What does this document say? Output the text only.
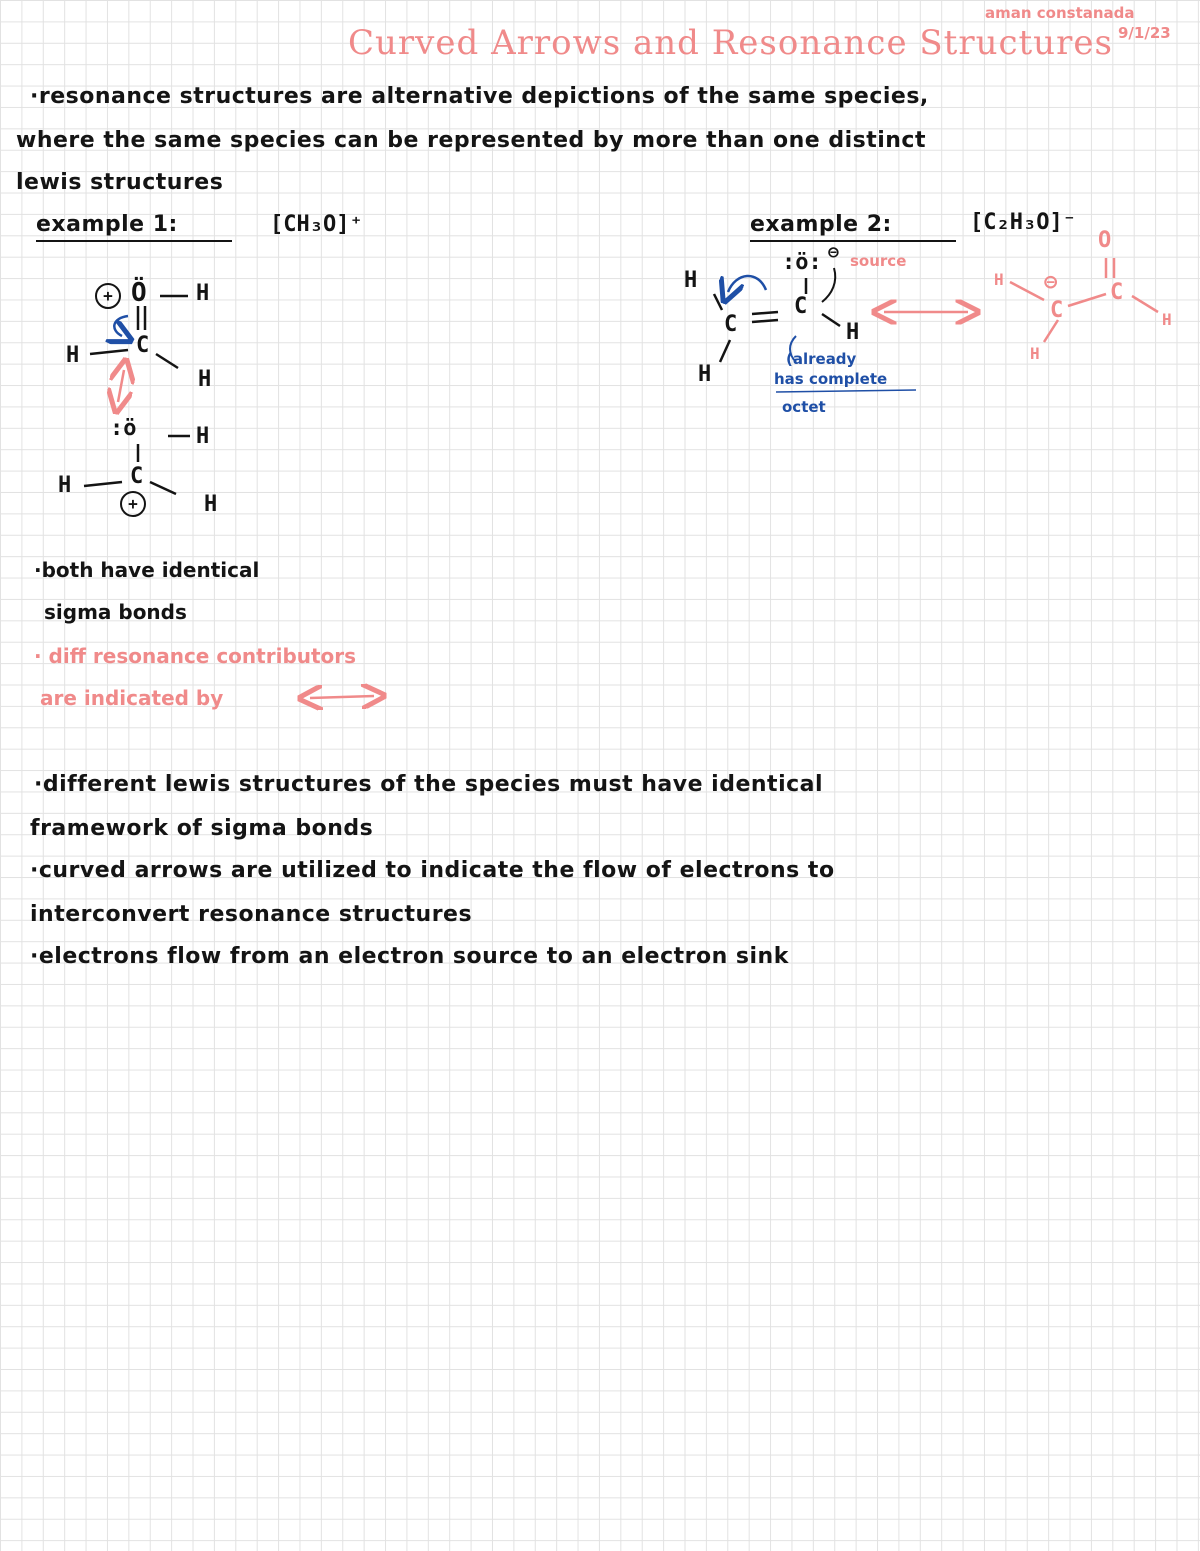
aman constanada
9/1/23
Curved Arrows and Resonance Structures
·resonance structures are alternative depictions of the same species,
where the same species can be represented by more than one distinct
lewis structures
example 1:	[CH₃O]⁺
+ Ö H
H	C
H
:ö	H
H	C
+	H
example 2:	[C₂H₃O]⁻
H
C
H
:ö: ⊖
C
H
source
(already
has complete
octet
O
H ⊖
C
C
H
H
·both have identical
sigma bonds
· diff resonance contributors
are indicated by
·different lewis structures of the species must have identical
framework of sigma bonds
·curved arrows are utilized to indicate the flow of electrons to
interconvert resonance structures
·electrons flow from an electron source to an electron sink
